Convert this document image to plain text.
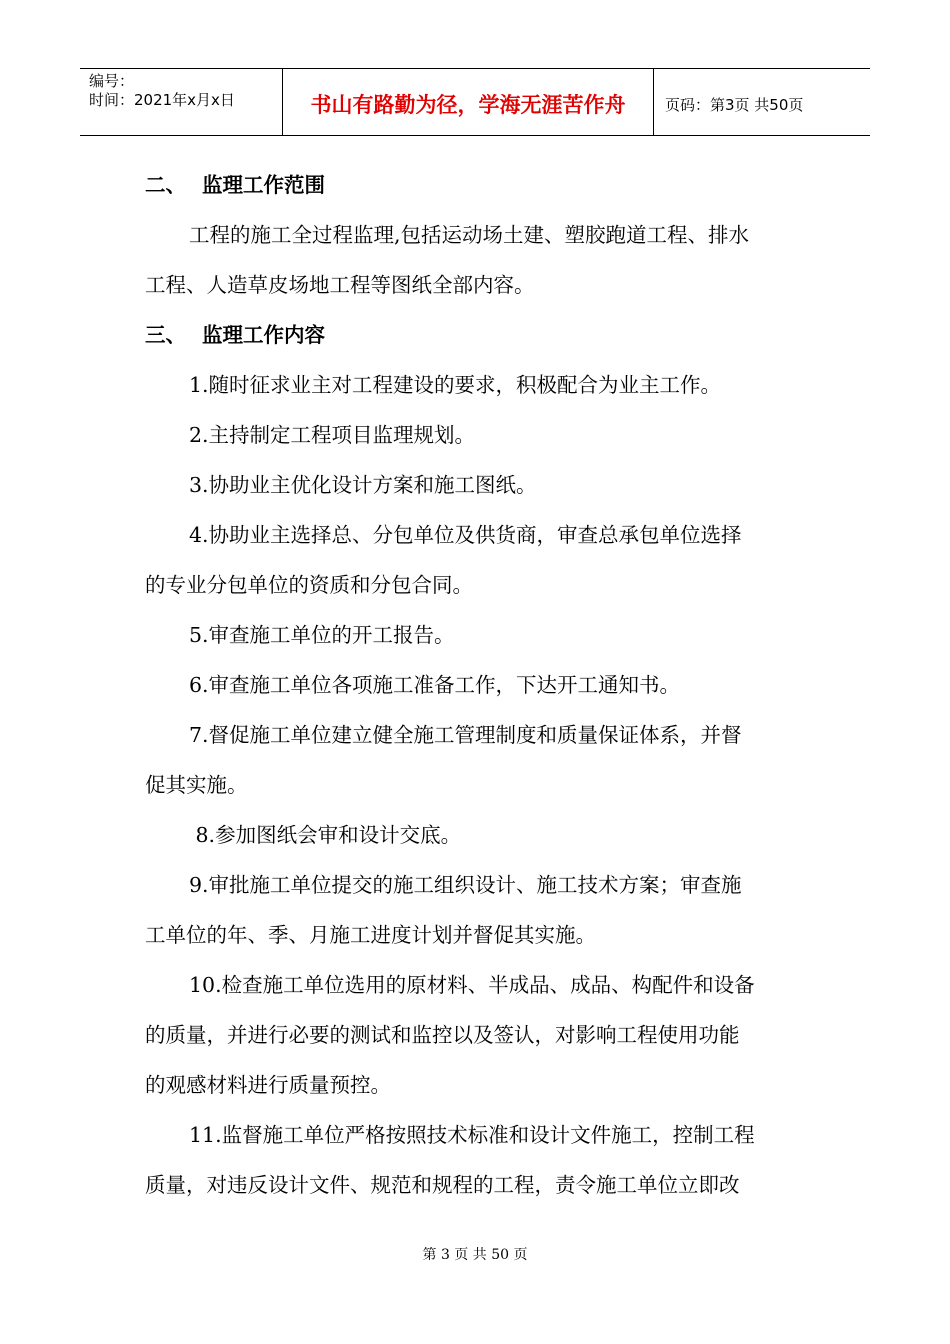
编号：
时间：2021年x月x日	书山有路勤为径，学海无涯苦作舟	页码：第3页 共50页
二、 监理工作范围
工程的施工全过程监理,包括运动场土建、塑胶跑道工程、排水
工程、人造草皮场地工程等图纸全部内容。
三、 监理工作内容
1.随时征求业主对工程建设的要求，积极配合为业主工作。
2.主持制定工程项目监理规划。
3.协助业主优化设计方案和施工图纸。
4.协助业主选择总、分包单位及供货商，审查总承包单位选择
的专业分包单位的资质和分包合同。
5.审查施工单位的开工报告。
6.审查施工单位各项施工准备工作，下达开工通知书。
7.督促施工单位建立健全施工管理制度和质量保证体系，并督
促其实施。
8.参加图纸会审和设计交底。
9.审批施工单位提交的施工组织设计、施工技术方案；审查施
工单位的年、季、月施工进度计划并督促其实施。
10.检查施工单位选用的原材料、半成品、成品、构配件和设备
的质量，并进行必要的测试和监控以及签认，对影响工程使用功能
的观感材料进行质量预控。
11.监督施工单位严格按照技术标准和设计文件施工，控制工程
质量，对违反设计文件、规范和规程的工程，责令施工单位立即改
第 3 页 共 50 页
